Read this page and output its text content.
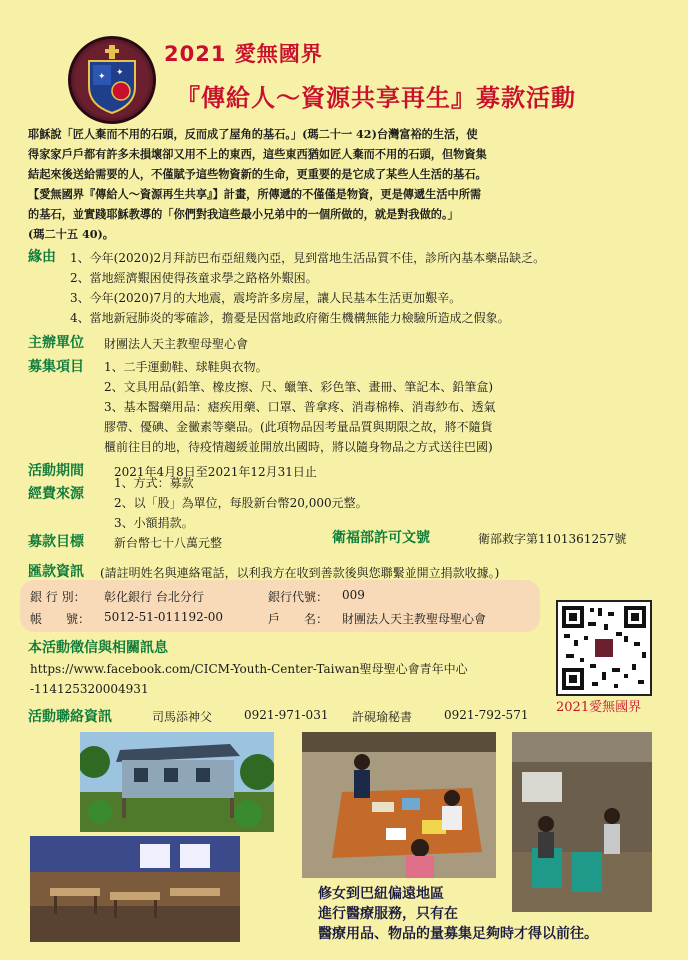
✦ ✦
2021 愛無國界
『傳給人～資源共享再生』募款活動

耶穌說「匠人棄而不用的石頭，反而成了屋角的基石。」(瑪二十一 42)台灣富裕的生活，使

得家家戶戶都有許多未損壞卻又用不上的東西，這些東西猶如匠人棄而不用的石頭，但物資集

結起來後送給需要的人，不僅賦予這些物資新的生命，更重要的是它成了某些人生活的基石。

【愛無國界『傳給人～資源再生共享』】計畫，所傳遞的不僅僅是物資，更是傳遞生活中所需

的基石，並實踐耶穌教導的「你們對我這些最小兄弟中的一個所做的，就是對我做的。」

(瑪二十五 40)。

緣由 1、今年(2020)2月拜訪巴布亞紐幾內亞，見到當地生活品質不佳，診所內基本藥品缺乏。
2、當地經濟艱困使得孩童求學之路格外艱困。
3、今年(2020)7月的大地震，震垮許多房屋，讓人民基本生活更加艱辛。
4、當地新冠肺炎的零確診，擔憂是因當地政府衛生機構無能力檢驗所造成之假象。
主辦單位 財團法人天主教聖母聖心會
募集項目 1、二手運動鞋、球鞋與衣物。
2、文具用品(鉛筆、橡皮擦、尺、蠟筆、彩色筆、畫冊、筆記本、鉛筆盒)
3、基本醫藥用品：瘧疾用藥、口罩、普拿疼、消毒棉棒、消毒紗布、透氣
膠帶、優碘、金黴素等藥品。(此項物品因考量品質與期限之故，將不隨貨
櫃前往目的地，待疫情趨緩並開放出國時，將以隨身物品之方式送往巴國)
活動期間	2021年4月8日至2021年12月31日止
經費來源
1、方式：募款
2、以「股」為單位，每股新台幣20,000元整。
3、小額捐款。
募款目標	新台幣七十八萬元整	衛福部許可文號	衛部救字第1101361257號
匯款資訊 (請註明姓名與連絡電話，以利我方在收到善款後與您聯繫並開立捐款收據。)
銀 行 別： 彰化銀行 台北分行	銀行代號： 009
帳　　號： 5012-51-011192-00	戶　　名： 財團法人天主教聖母聖心會
2021愛無國界
本活動徵信與相關訊息
https://www.facebook.com/CICM-Youth-Center-Taiwan聖母聖心會青年中心
-114125320004931
活動聯絡資訊	司馬添神父	0921-971-031 許硯瑜秘書	0921-792-571

修女到巴紐偏遠地區

進行醫療服務，只有在

醫療用品、物品的量募集足夠時才得以前往。
